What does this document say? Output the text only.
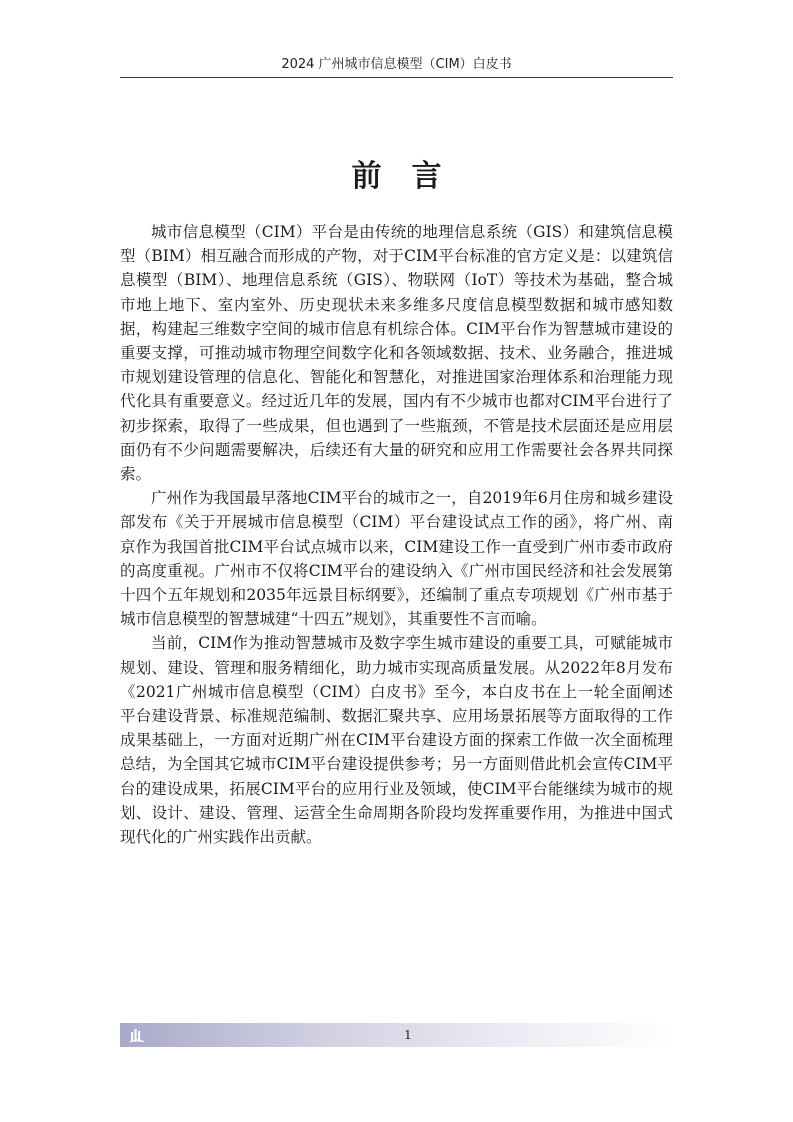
2024 广州城市信息模型（CIM）白皮书
前言

城市信息模型（CIM）平台是由传统的地理信息系统（GIS）和建筑信息模型（BIM）相互融合而形成的产物，对于CIM平台标准的官方定义是：以建筑信息模型（BIM）、地理信息系统（GIS）、物联网（IoT）等技术为基础，整合城市地上地下、室内室外、历史现状未来多维多尺度信息模型数据和城市感知数据，构建起三维数字空间的城市信息有机综合体。CIM平台作为智慧城市建设的重要支撑，可推动城市物理空间数字化和各领域数据、技术、业务融合，推进城市规划建设管理的信息化、智能化和智慧化，对推进国家治理体系和治理能力现代化具有重要意义。经过近几年的发展，国内有不少城市也都对CIM平台进行了初步探索，取得了一些成果，但也遇到了一些瓶颈，不管是技术层面还是应用层面仍有不少问题需要解决，后续还有大量的研究和应用工作需要社会各界共同探索。

广州作为我国最早落地CIM平台的城市之一，自2019年6月住房和城乡建设部发布《关于开展城市信息模型（CIM）平台建设试点工作的函》，将广州、南京作为我国首批CIM平台试点城市以来，CIM建设工作一直受到广州市委市政府的高度重视。广州市不仅将CIM平台的建设纳入《广州市国民经济和社会发展第十四个五年规划和2035年远景目标纲要》，还编制了重点专项规划《广州市基于城市信息模型的智慧城建“十四五”规划》，其重要性不言而喻。

当前，CIM作为推动智慧城市及数字孪生城市建设的重要工具，可赋能城市规划、建设、管理和服务精细化，助力城市实现高质量发展。从2022年8月发布《2021广州城市信息模型（CIM）白皮书》至今，本白皮书在上一轮全面阐述平台建设背景、标准规范编制、数据汇聚共享、应用场景拓展等方面取得的工作成果基础上，一方面对近期广州在CIM平台建设方面的探索工作做一次全面梳理总结，为全国其它城市CIM平台建设提供参考；另一方面则借此机会宣传CIM平台的建设成果，拓展CIM平台的应用行业及领域，使CIM平台能继续为城市的规划、设计、建设、管理、运营全生命周期各阶段均发挥重要作用，为推进中国式现代化的广州实践作出贡献。

1
